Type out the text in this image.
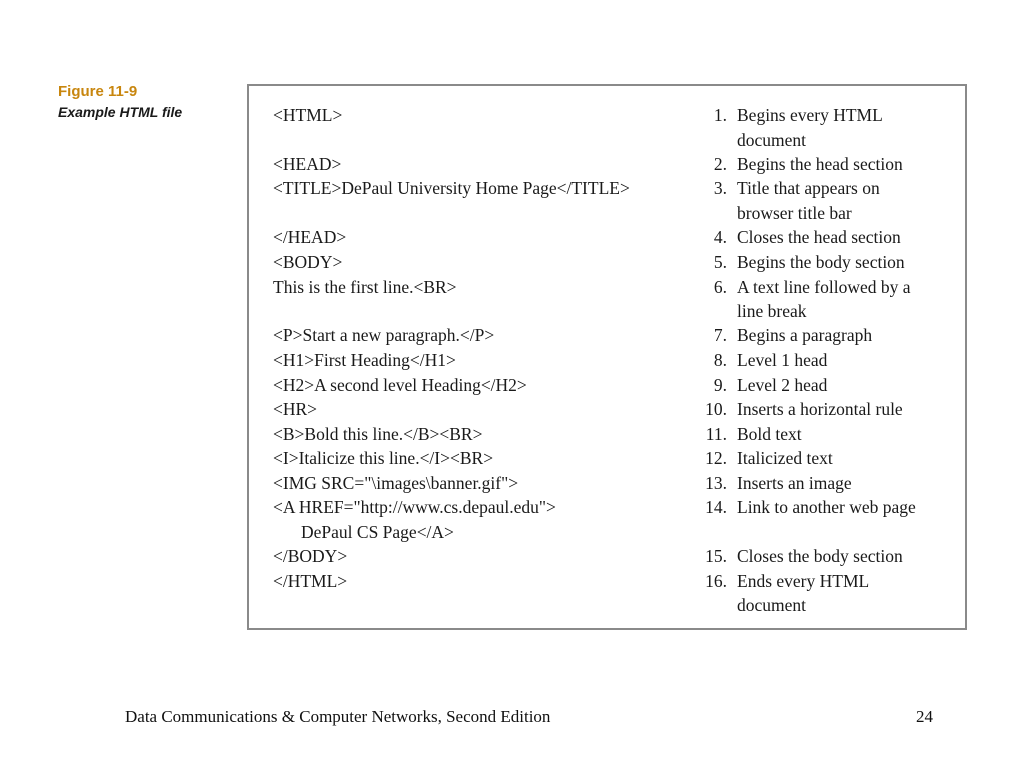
Figure 11-9
Example HTML file	<HTML>
<HEAD>
<TITLE>DePaul University Home Page</TITLE>
</HEAD>
<BODY>
This is the first line.<BR>
<P>Start a new paragraph.</P>
<H1>First Heading</H1>
<H2>A second level Heading</H2>
<HR>
<B>Bold this line.</B><BR>
<I>Italicize this line.</I><BR>
<IMG SRC="\images\banner.gif">
<A HREF="http://www.cs.depaul.edu">
DePaul CS Page</A>
</BODY>
</HTML>
1. Begins every HTML
document
2. Begins the head section
3. Title that appears on
browser title bar
4. Closes the head section
5. Begins the body section
6. A text line followed by a
line break
7. Begins a paragraph
8. Level 1 head
9. Level 2 head
10. Inserts a horizontal rule
11. Bold text
12. Italicized text
13. Inserts an image
14. Link to another web page
15. Closes the body section
16. Ends every HTML
document
Data Communications & Computer Networks, Second Edition	24
